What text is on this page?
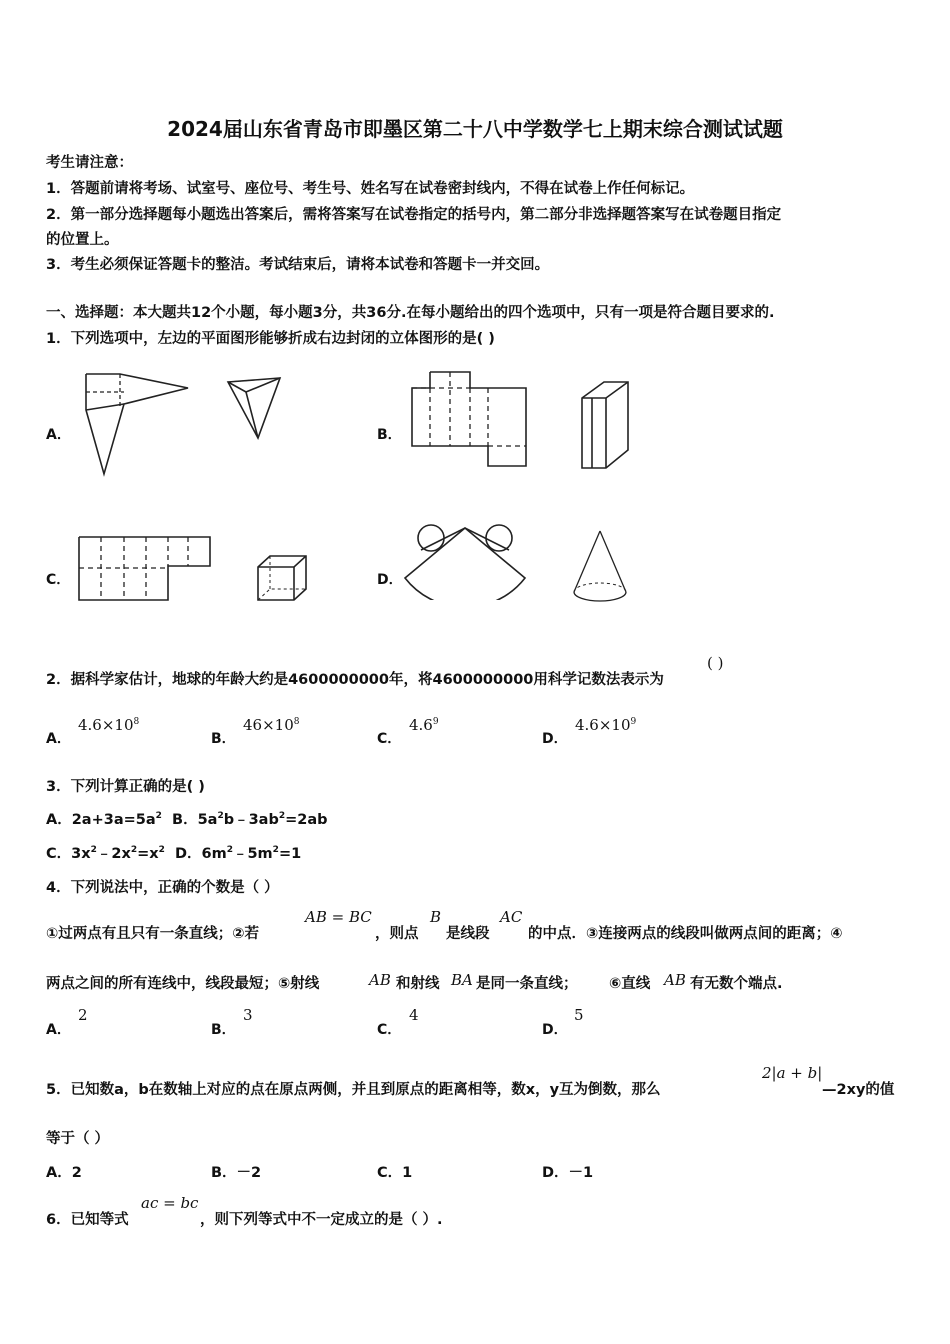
2024届山东省青岛市即墨区第二十八中学数学七上期末综合测试试题
考生请注意：
1．答题前请将考场、试室号、座位号、考生号、姓名写在试卷密封线内，不得在试卷上作任何标记。
2．第一部分选择题每小题选出答案后，需将答案写在试卷指定的括号内，第二部分非选择题答案写在试卷题目指定
的位置上。
3．考生必须保证答题卡的整洁。考试结束后，请将本试卷和答题卡一并交回。
一、选择题：本大题共12个小题，每小题3分，共36分.在每小题给出的四个选项中，只有一项是符合题目要求的.
1．下列选项中，左边的平面图形能够折成右边封闭的立体图形的是( )
A．	B．
C．	D．
2．据科学家估计，地球的年龄大约是4600000000年，将4600000000用科学记数法表示为
( )
A．
$4.6\times 10^8$
B．
$46\times 10^8$
C．
$4.6^9$
D．
$4.6\times 10^9$
3．下列计算正确的是( )
A．$2a+3a=5a^2$  B．$5a^2b﹣3ab^2=2ab$
C．$3x^2﹣2x^2=x^2$  D．$6m^2﹣5m^2=1$
4．下列说法中，正确的个数是（ ）
①过两点有且只有一条直线；②若
AB = BC
，则点
B
是线段
AC
的中点．③连接两点的线段叫做两点间的距离；④
两点之间的所有连线中，线段最短；⑤射线	AB 和射线 BA 是同一条直线； ⑥直线 AB 有无数个端点.
A．
2
B．
3
C．
4
D．
5
5．已知数a，b在数轴上对应的点在原点两侧，并且到原点的距离相等，数x，y互为倒数，那么
2|a + b|
—2xy的值
等于（ ）
A．2	B．－2	C．1	D．－1
6．已知等式
ac = bc
，则下列等式中不一定成立的是（ ）.
